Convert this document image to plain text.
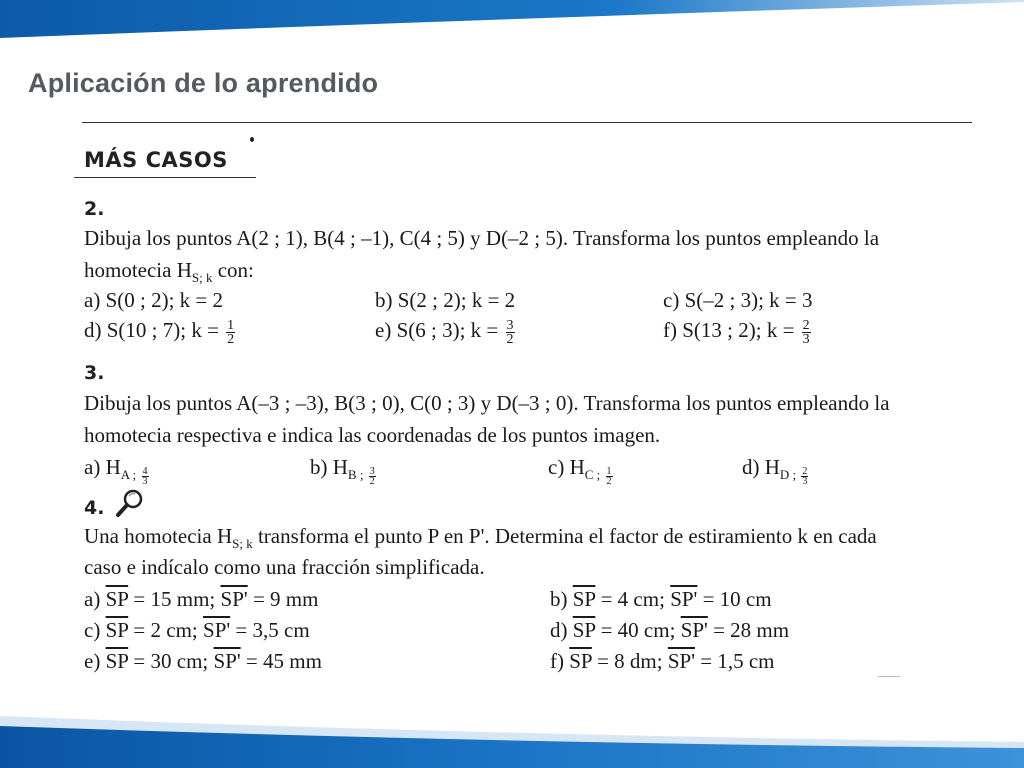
Aplicación de lo aprendido
MÁS CASOS
2.
Dibuja los puntos A(2 ; 1), B(4 ; –1), C(4 ; 5) y D(–2 ; 5). Transforma los puntos empleando la
homotecia $H_{S; k}$ con:
a) S(0 ; 2); k = 2	b) S(2 ; 2); k = 2	c) S(–2 ; 3); k = 3
d) S(10 ; 7); $k = \frac{1}{2}$	e) S(6 ; 3); $k = \frac{3}{2}$	f) S(13 ; 2); $k = \frac{2}{3}$
3.
Dibuja los puntos A(–3 ; –3), B(3 ; 0), C(0 ; 3) y D(–3 ; 0). Transforma los puntos empleando la
homotecia respectiva e indica las coordenadas de los puntos imagen.
a) $H_{A ; \frac{4}{3}}$	b) $H_{B ; \frac{3}{2}}$	c) $H_{C ; \frac{1}{2}}$	d) $H_{D ; \frac{2}{3}}$
4.
Una homotecia $H_{S; k}$ transforma el punto P en P'. Determina el factor de estiramiento k en cada
caso e indícalo como una fracción simplificada.
a) $\overline{SP} = 15$ mm; SP' = 9 mm	b) $\overline{SP} = 4$ cm; SP' = 10 cm
c) $\overline{SP} = 2$ cm; SP' = 3,5 cm	d) $\overline{SP} = 40$ cm; SP' = 28 mm
e) $\overline{SP} = 30$ cm; SP' = 45 mm	f) $\overline{SP} = 8$ dm; SP' = 1,5 cm
